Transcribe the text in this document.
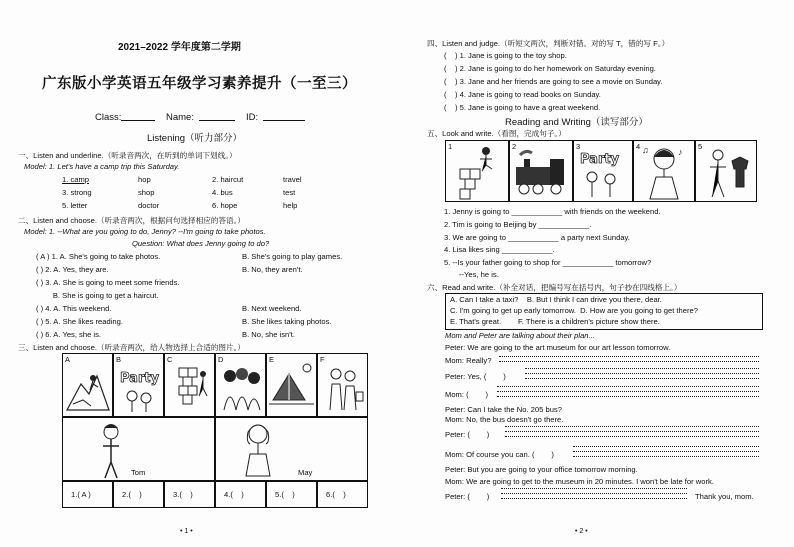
2021–2022 学年度第二学期
广东版小学英语五年级学习素养提升（一至三）
Class:	Name:	ID:
Listening（听力部分）
一、Listen and underline.（听录音两次，在听到的单词下划线。）
Model: 1. Let's have a camp trip this Saturday.
1. camp	hop	2. haircut	travel
3. strong	shop	4. bus	test
5. letter	doctor	6. hope	help
二、Listen and choose.（听录音两次，根据问句选择相应的答语。）
Model: 1. --What are you going to do, Jenny? --I'm going to take photos.
Question: What does Jenny going to do?
( A ) 1. A. She's going to take photos.	B. She's going to play games.
( ) 2. A. Yes, they are.	B. No, they aren't.
( ) 3. A. She is going to meet some friends.
B. She is going to get a haircut.
( ) 4. A. This weekend.	B. Next weekend.
( ) 5. A. She likes reading.	B. She likes taking photos.
( ) 6. A. Yes, she is.	B. No, she isn't.
三、Listen and choose.（听录音两次，给人物选择上合适的图片。）
A	B
Party
C	D	E	F
Tom	May
1.( A )	2.(    )	3.(    )	4.(    )	5.(    )	6.(    )
• 1 •
四、Listen and judge.（听短文两次，判断对错。对的写 T，错的写 F。）
(    ) 1. Jane is going to the toy shop.
(    ) 2. Jane is going to do her homework on Saturday evening.
(    ) 3. Jane and her friends are going to see a movie on Sunday.
(    ) 4. Jane is going to read books on Sunday.
(    ) 5. Jane is going to have a great weekend.
Reading and Writing（读写部分）
五、Look and write.（看图，完成句子。）
1	2	3
Party
4
♪
♫	5
1. Jenny is going to ____________ with friends on the weekend.
2. Tim is going to Beijing by ____________.
3. We are going to ____________ a party next Sunday.
4. Lisa likes sing ____________.
5. --Is your father going to shop for ____________ tomorrow?
--Yes, he is.
六、Read and write.（补全对话，把编号写在括号内，句子抄在四线格上。）
A. Can I take a taxi?    B. But I think I can drive you there, dear.
C. I'm going to get up early tomorrow.  D. How are you going to get there?
E. That's great.        F. There is a children's picture show there.
Mom and Peter are talking about their plan...
Peter: We are going to the art museum for our art lesson tomorrow.
Mom: Really?
Peter: Yes, (        )
Mom: (        )
Peter: Can I take the No. 205 bus?
Mom: No, the bus doesn't go there.
Peter: (        )
Mom: Of course you can. (        )
Peter: But you are going to your office tomorrow morning.
Mom: We are going to get to the museum in 20 minutes. I won't be late for work.
Peter: (        )	Thank you, mom.
• 2 •
